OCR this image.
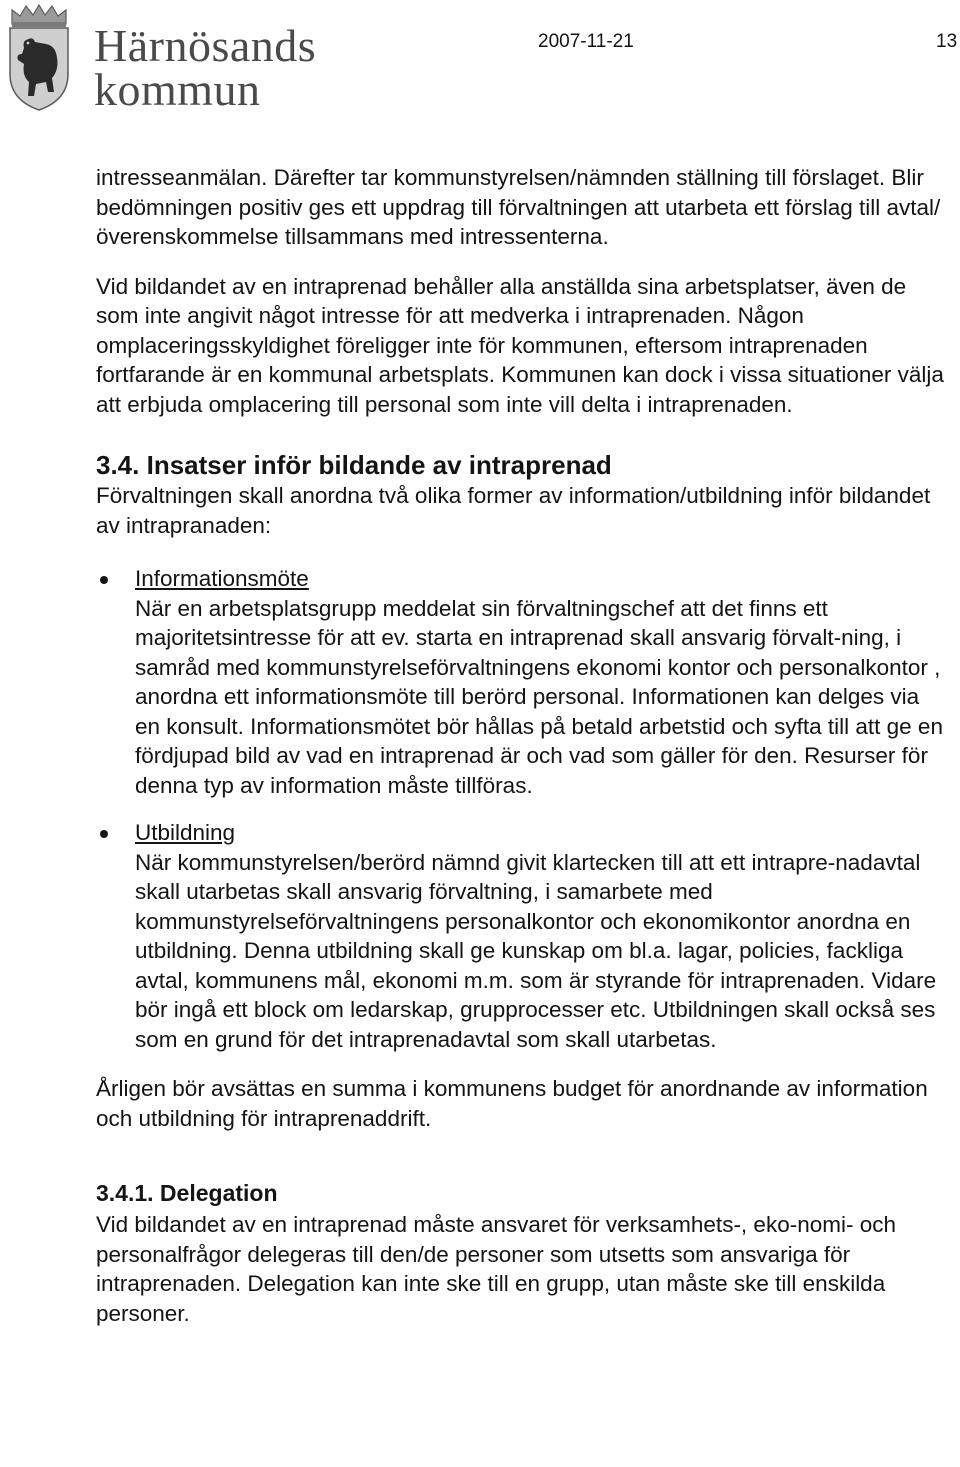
Härnösands
kommun
2007-11-21	13

intresseanmälan. Därefter tar kommunstyrelsen/nämnden ställning till förslaget. Blir bedömningen positiv ges ett uppdrag till förvaltningen att utarbeta ett förslag till avtal/överenskommelse tillsammans med intressenterna.

Vid bildandet av en intraprenad behåller alla anställda sina arbetsplatser, även de som inte angivit något intresse för att medverka i intraprenaden. Någon omplaceringsskyldighet föreligger inte för kommunen, eftersom intraprenaden fortfarande är en kommunal arbetsplats. Kommunen kan dock i vissa situationer välja att erbjuda omplacering till personal som inte vill delta i intraprenaden.

3.4. Insatser inför bildande av intraprenad

Förvaltningen skall anordna två olika former av information/utbildning inför bildandet av intrapranaden:

Informationsmöte

När en arbetsplatsgrupp meddelat sin förvaltningschef att det finns ett majoritetsintresse för att ev. starta en intraprenad skall ansvarig förvalt-ning, i samråd med kommunstyrelseförvaltningens ekonomi kontor och personalkontor , anordna ett informationsmöte till berörd personal. Informationen kan delges via en konsult. Informationsmötet bör hållas på betald arbetstid och syfta till att ge en fördjupad bild av vad en intraprenad är och vad som gäller för den. Resurser för denna typ av information måste tillföras.

Utbildning

När kommunstyrelsen/berörd nämnd givit klartecken till att ett intrapre-nadavtal skall utarbetas skall ansvarig förvaltning, i samarbete med kommunstyrelseförvaltningens personalkontor och ekonomikontor anordna en utbildning. Denna utbildning skall ge kunskap om bl.a. lagar, policies, fackliga avtal, kommunens mål, ekonomi m.m. som är styrande för intraprenaden. Vidare bör ingå ett block om ledarskap, grupprocesser etc. Utbildningen skall också ses som en grund för det intraprenadavtal som skall utarbetas.

Årligen bör avsättas en summa i kommunens budget för anordnande av information och utbildning för intraprenaddrift.

3.4.1. Delegation

Vid bildandet av en intraprenad måste ansvaret för verksamhets-, eko-nomi- och personalfrågor delegeras till den/de personer som utsetts som ansvariga för intraprenaden. Delegation kan inte ske till en grupp, utan måste ske till enskilda personer.
